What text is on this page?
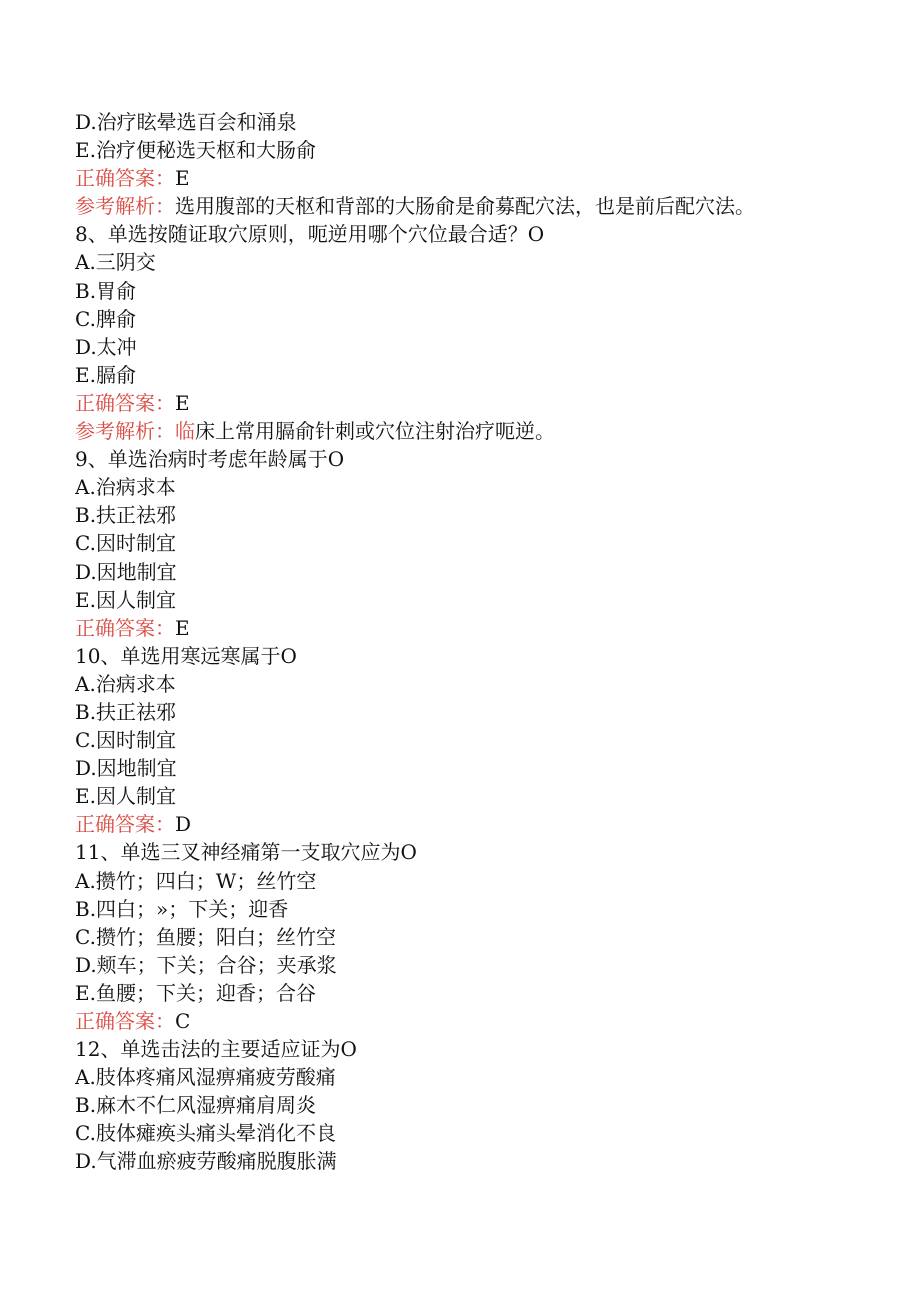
D.治疗眩晕选百会和涌泉
E.治疗便秘选天枢和大肠俞
正确答案：E
参考解析：选用腹部的天枢和背部的大肠俞是俞募配穴法，也是前后配穴法。
8、单选按随证取穴原则，呃逆用哪个穴位最合适？O
A.三阴交
B.胃俞
C.脾俞
D.太冲
E.膈俞
正确答案：E
参考解析：临床上常用膈俞针刺或穴位注射治疗呃逆。
9、单选治病时考虑年龄属于O
A.治病求本
B.扶正祛邪
C.因时制宜
D.因地制宜
E.因人制宜
正确答案：E
10、单选用寒远寒属于O
A.治病求本
B.扶正祛邪
C.因时制宜
D.因地制宜
E.因人制宜
正确答案：D
11、单选三叉神经痛第一支取穴应为O
A.攒竹；四白；W；丝竹空
B.四白；»；下关；迎香
C.攒竹；鱼腰；阳白；丝竹空
D.颊车；下关；合谷；夹承浆
E.鱼腰；下关；迎香；合谷
正确答案：C
12、单选击法的主要适应证为O
A.肢体疼痛风湿痹痛疲劳酸痛
B.麻木不仁风湿痹痛肩周炎
C.肢体瘫痪头痛头晕消化不良
D.气滞血瘀疲劳酸痛脱腹胀满
